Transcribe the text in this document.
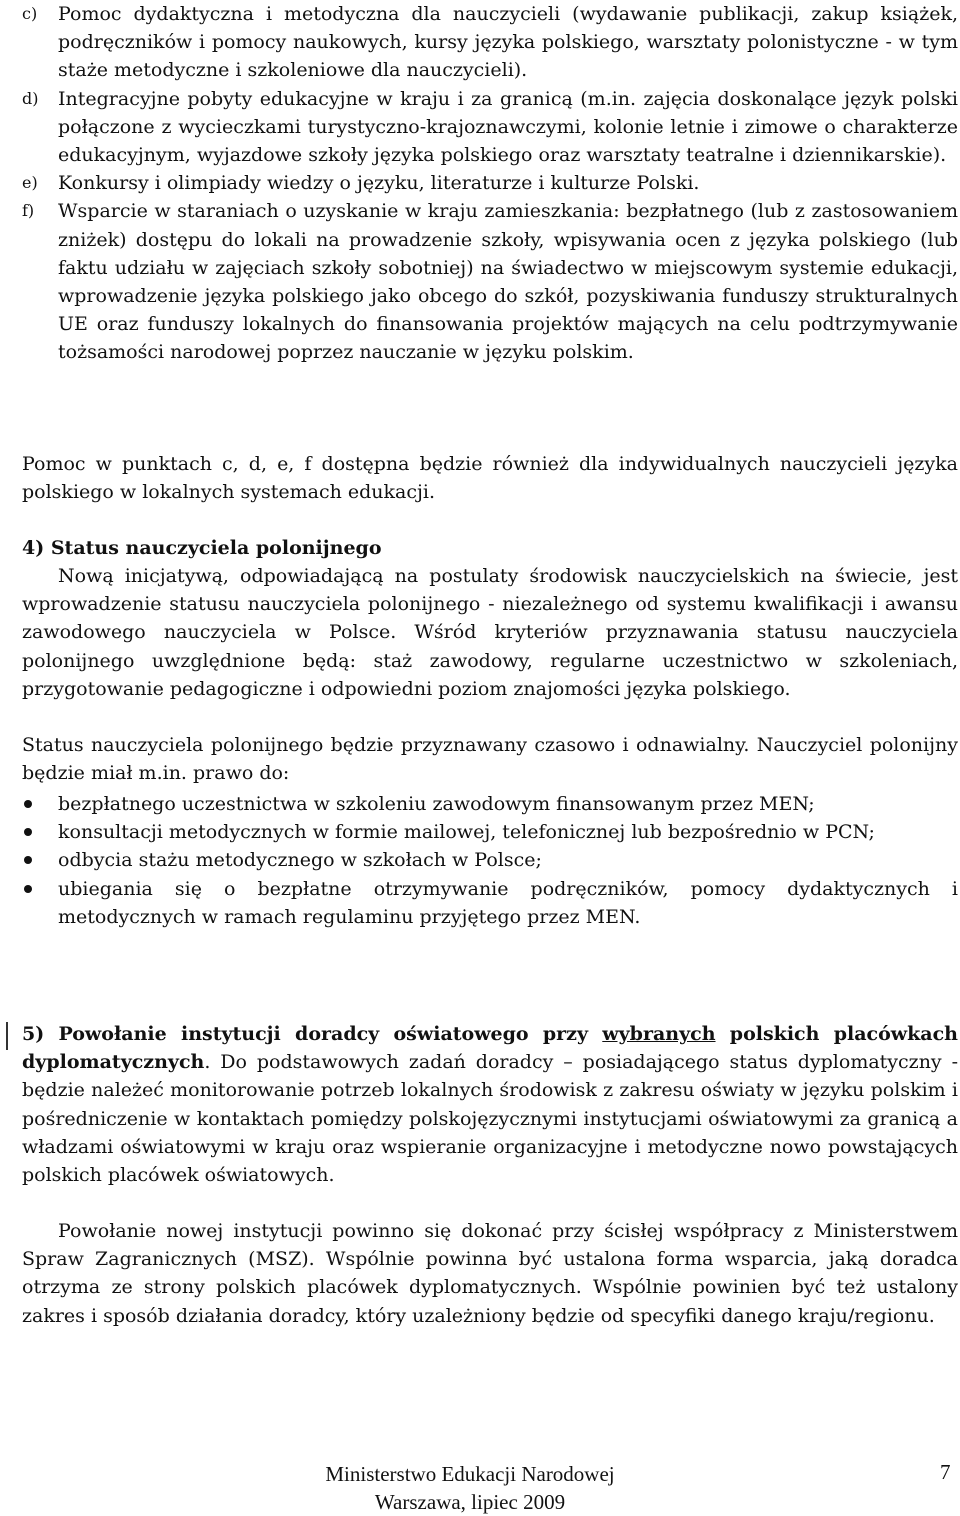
c) Pomoc dydaktyczna i metodyczna dla nauczycieli (wydawanie publikacji, zakup książek, podręczników i pomocy naukowych, kursy języka polskiego, warsztaty polonistyczne - w tym staże metodyczne i szkoleniowe dla nauczycieli).
d) Integracyjne pobyty edukacyjne w kraju i za granicą (m.in. zajęcia doskonalące język polski połączone z wycieczkami turystyczno-krajoznawczymi, kolonie letnie i zimowe o charakterze edukacyjnym, wyjazdowe szkoły języka polskiego oraz warsztaty teatralne i dziennikarskie).
e) Konkursy i olimpiady wiedzy o języku, literaturze i kulturze Polski.
f) Wsparcie w staraniach o uzyskanie w kraju zamieszkania: bezpłatnego (lub z zastosowaniem zniżek) dostępu do lokali na prowadzenie szkoły, wpisywania ocen z języka polskiego (lub faktu udziału w zajęciach szkoły sobotniej) na świadectwo w miejscowym systemie edukacji, wprowadzenie języka polskiego jako obcego do szkół, pozyskiwania funduszy strukturalnych UE oraz funduszy lokalnych do finansowania projektów mających na celu podtrzymywanie tożsamości narodowej poprzez nauczanie w języku polskim.
Pomoc w punktach c, d, e, f dostępna będzie również dla indywidualnych nauczycieli języka polskiego w lokalnych systemach edukacji.
4) Status nauczyciela polonijnego
Nową inicjatywą, odpowiadającą na postulaty środowisk nauczycielskich na świecie, jest wprowadzenie statusu nauczyciela polonijnego - niezależnego od systemu kwalifikacji i awansu zawodowego nauczyciela w Polsce. Wśród kryteriów przyznawania statusu nauczyciela polonijnego uwzględnione będą: staż zawodowy, regularne uczestnictwo w szkoleniach, przygotowanie pedagogiczne i odpowiedni poziom znajomości języka polskiego.
Status nauczyciela polonijnego będzie przyznawany czasowo i odnawialny. Nauczyciel polonijny będzie miał m.in. prawo do:
bezpłatnego uczestnictwa w szkoleniu zawodowym finansowanym przez MEN;
konsultacji metodycznych w formie mailowej, telefonicznej lub bezpośrednio w PCN;
odbycia stażu metodycznego w szkołach w Polsce;
ubiegania się o bezpłatne otrzymywanie podręczników, pomocy dydaktycznych i metodycznych w ramach regulaminu przyjętego przez MEN.
5) Powołanie instytucji doradcy oświatowego przy wybranych polskich placówkach dyplomatycznych. Do podstawowych zadań doradcy – posiadającego status dyplomatyczny - będzie należeć monitorowanie potrzeb lokalnych środowisk z zakresu oświaty w języku polskim i pośredniczenie w kontaktach pomiędzy polskojęzycznymi instytucjami oświatowymi za granicą a władzami oświatowymi w kraju oraz wspieranie organizacyjne i metodyczne nowo powstających polskich placówek oświatowych.
Powołanie nowej instytucji powinno się dokonać przy ścisłej współpracy z Ministerstwem Spraw Zagranicznych (MSZ). Wspólnie powinna być ustalona forma wsparcia, jaką doradca otrzyma ze strony polskich placówek dyplomatycznych. Wspólnie powinien być też ustalony zakres i sposób działania doradcy, który uzależniony będzie od specyfiki danego kraju/regionu.
Ministerstwo Edukacji Narodowej
Warszawa, lipiec 2009
7
